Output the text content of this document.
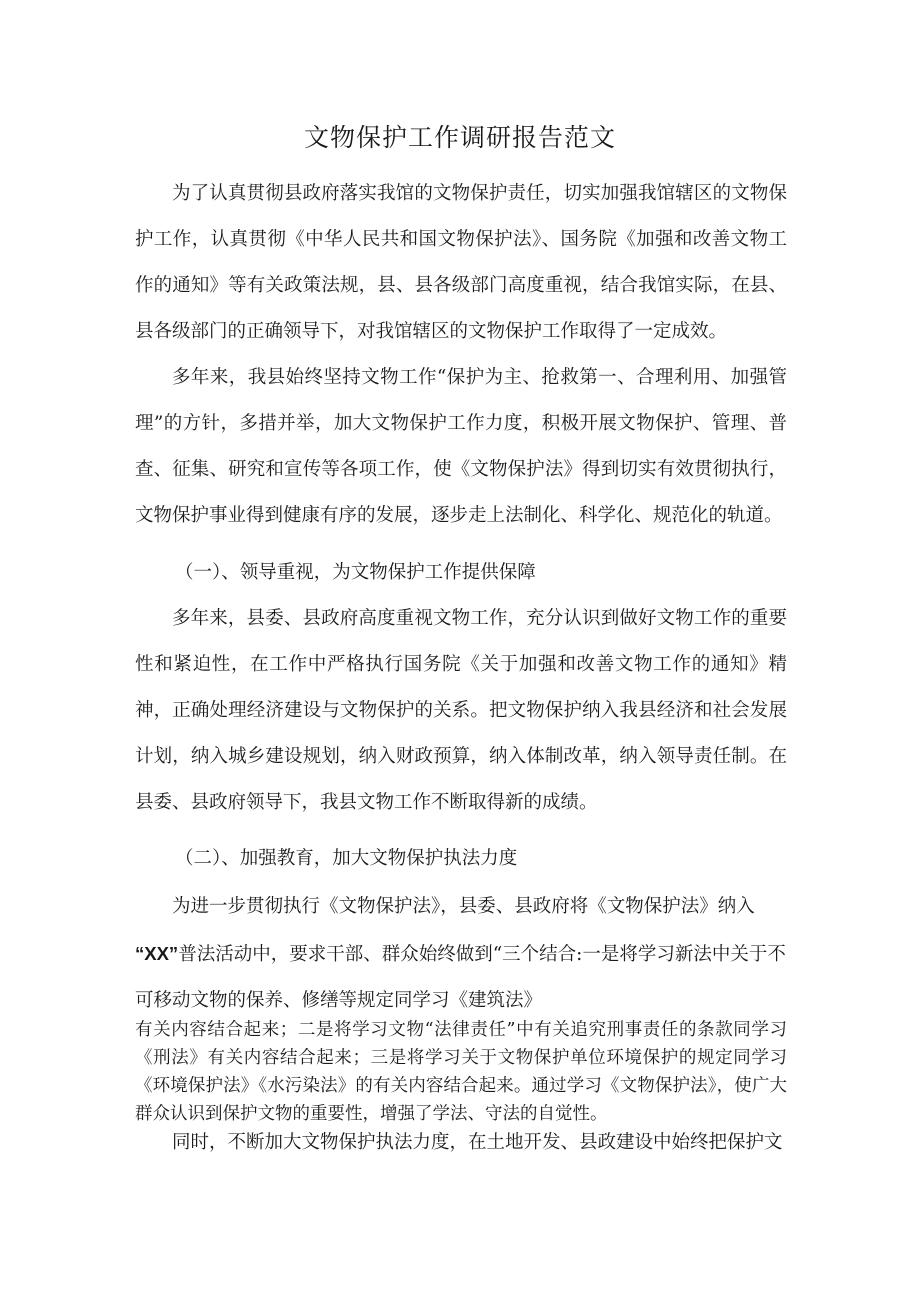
文物保护工作调研报告范文

为了认真贯彻县政府落实我馆的文物保护责任，切实加强我馆辖区的文物保护工作，认真贯彻《中华人民共和国文物保护法》、国务院《加强和改善文物工作的通知》等有关政策法规，县、县各级部门高度重视，结合我馆实际，在县、县各级部门的正确领导下，对我馆辖区的文物保护工作取得了一定成效。

多年来，我县始终坚持文物工作“保护为主、抢救第一、合理利用、加强管理”的方针，多措并举，加大文物保护工作力度，积极开展文物保护、管理、普查、征集、研究和宣传等各项工作，使《文物保护法》得到切实有效贯彻执行，文物保护事业得到健康有序的发展，逐步走上法制化、科学化、规范化的轨道。

（一）、领导重视，为文物保护工作提供保障

多年来，县委、县政府高度重视文物工作，充分认识到做好文物工作的重要性和紧迫性，在工作中严格执行国务院《关于加强和改善文物工作的通知》精神，正确处理经济建设与文物保护的关系。把文物保护纳入我县经济和社会发展计划，纳入城乡建设规划，纳入财政预算，纳入体制改革，纳入领导责任制。在县委、县政府领导下，我县文物工作不断取得新的成绩。

（二）、加强教育，加大文物保护执法力度

为进一步贯彻执行《文物保护法》，县委、县政府将《文物保护法》纳入

“XX”普法活动中，要求干部、群众始终做到“三个结合:一是将学习新法中关于不

可移动文物的保养、修缮等规定同学习《建筑法》

有关内容结合起来；二是将学习文物“法律责任”中有关追究刑事责任的条款同学习《刑法》有关内容结合起来；三是将学习关于文物保护单位环境保护的规定同学习《环境保护法》《水污染法》的有关内容结合起来。通过学习《文物保护法》，使广大群众认识到保护文物的重要性，增强了学法、守法的自觉性。

同时，不断加大文物保护执法力度，在土地开发、县政建设中始终把保护文
